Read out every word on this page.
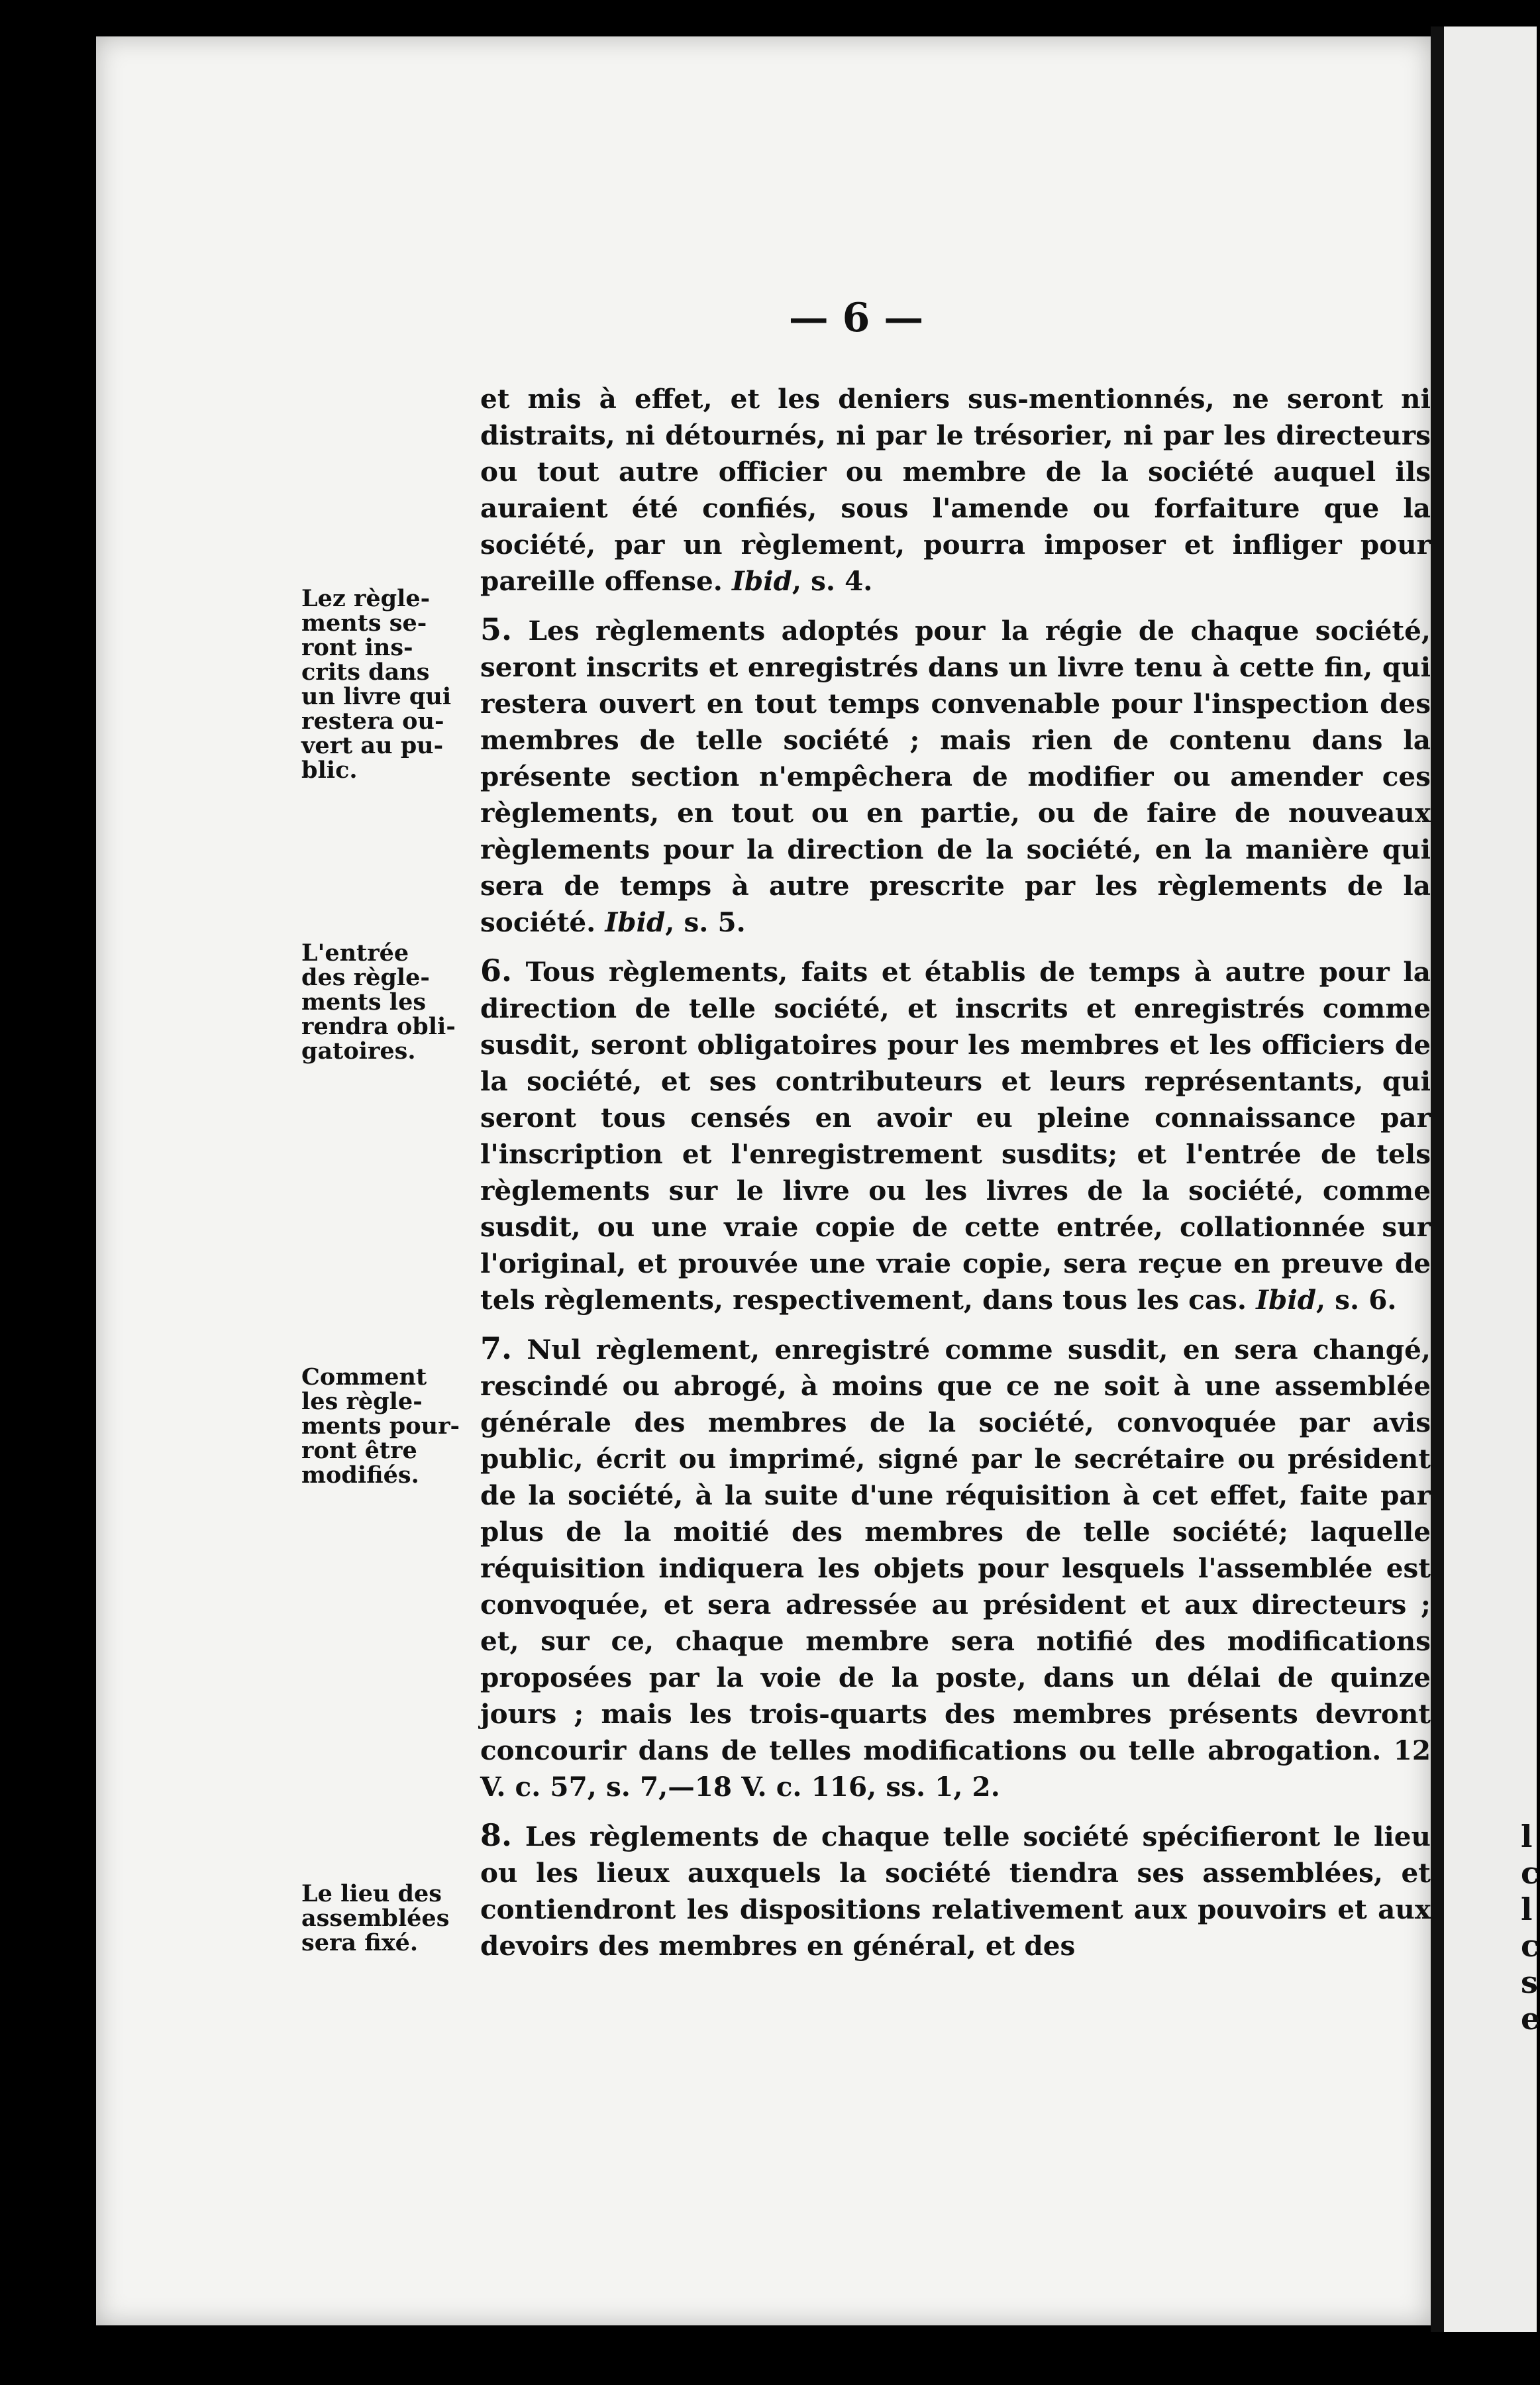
— 6 —

et mis à effet, et les deniers sus-mentionnés, ne seront ni distraits, ni détournés, ni par le trésorier, ni par les directeurs ou tout autre officier ou membre de la société auquel ils auraient été confiés, sous l'amende ou forfaiture que la société, par un règlement, pourra imposer et infliger pour pareille offense. Ibid, s. 4.

5. Les règlements adoptés pour la régie de chaque société, seront inscrits et enregistrés dans un livre tenu à cette fin, qui restera ouvert en tout temps convenable pour l'inspection des membres de telle société ; mais rien de contenu dans la présente section n'empêchera de modifier ou amender ces règlements, en tout ou en partie, ou de faire de nouveaux règlements pour la direction de la société, en la manière qui sera de temps à autre prescrite par les règlements de la société. Ibid, s. 5.

6. Tous règlements, faits et établis de temps à autre pour la direction de telle société, et inscrits et enregistrés comme susdit, seront obligatoires pour les membres et les officiers de la société, et ses contributeurs et leurs représentants, qui seront tous censés en avoir eu pleine connaissance par l'inscription et l'enregistrement susdits; et l'entrée de tels règlements sur le livre ou les livres de la société, comme susdit, ou une vraie copie de cette entrée, collationnée sur l'original, et prouvée une vraie copie, sera reçue en preuve de tels règlements, respectivement, dans tous les cas. Ibid, s. 6.

7. Nul règlement, enregistré comme susdit, en sera changé, rescindé ou abrogé, à moins que ce ne soit à une assemblée générale des membres de la société, convoquée par avis public, écrit ou imprimé, signé par le secrétaire ou président de la société, à la suite d'une réquisition à cet effet, faite par plus de la moitié des membres de telle société; laquelle réquisition indiquera les objets pour lesquels l'assemblée est convoquée, et sera adressée au président et aux directeurs ; et, sur ce, chaque membre sera notifié des modifications proposées par la voie de la poste, dans un délai de quinze jours ; mais les trois-quarts des membres présents devront concourir dans de telles modifications ou telle abrogation. 12 V. c. 57, s. 7,—18 V. c. 116, ss. 1, 2.

8. Les règlements de chaque telle société spécifieront le lieu ou les lieux auxquels la société tiendra ses assemblées, et contiendront les dispositions relativement aux pouvoirs et aux devoirs des membres en général, et des

Lez règle-
ments se-
ront ins-
crits dans
un livre qui
restera ou-
vert au pu-
blic.
L'entrée
des règle-
ments les
rendra obli-
gatoires.
Comment
les règle-
ments pour-
ront être
modifiés.
Le lieu des
assemblées
sera fixé.
l
c
l
c
s
e
